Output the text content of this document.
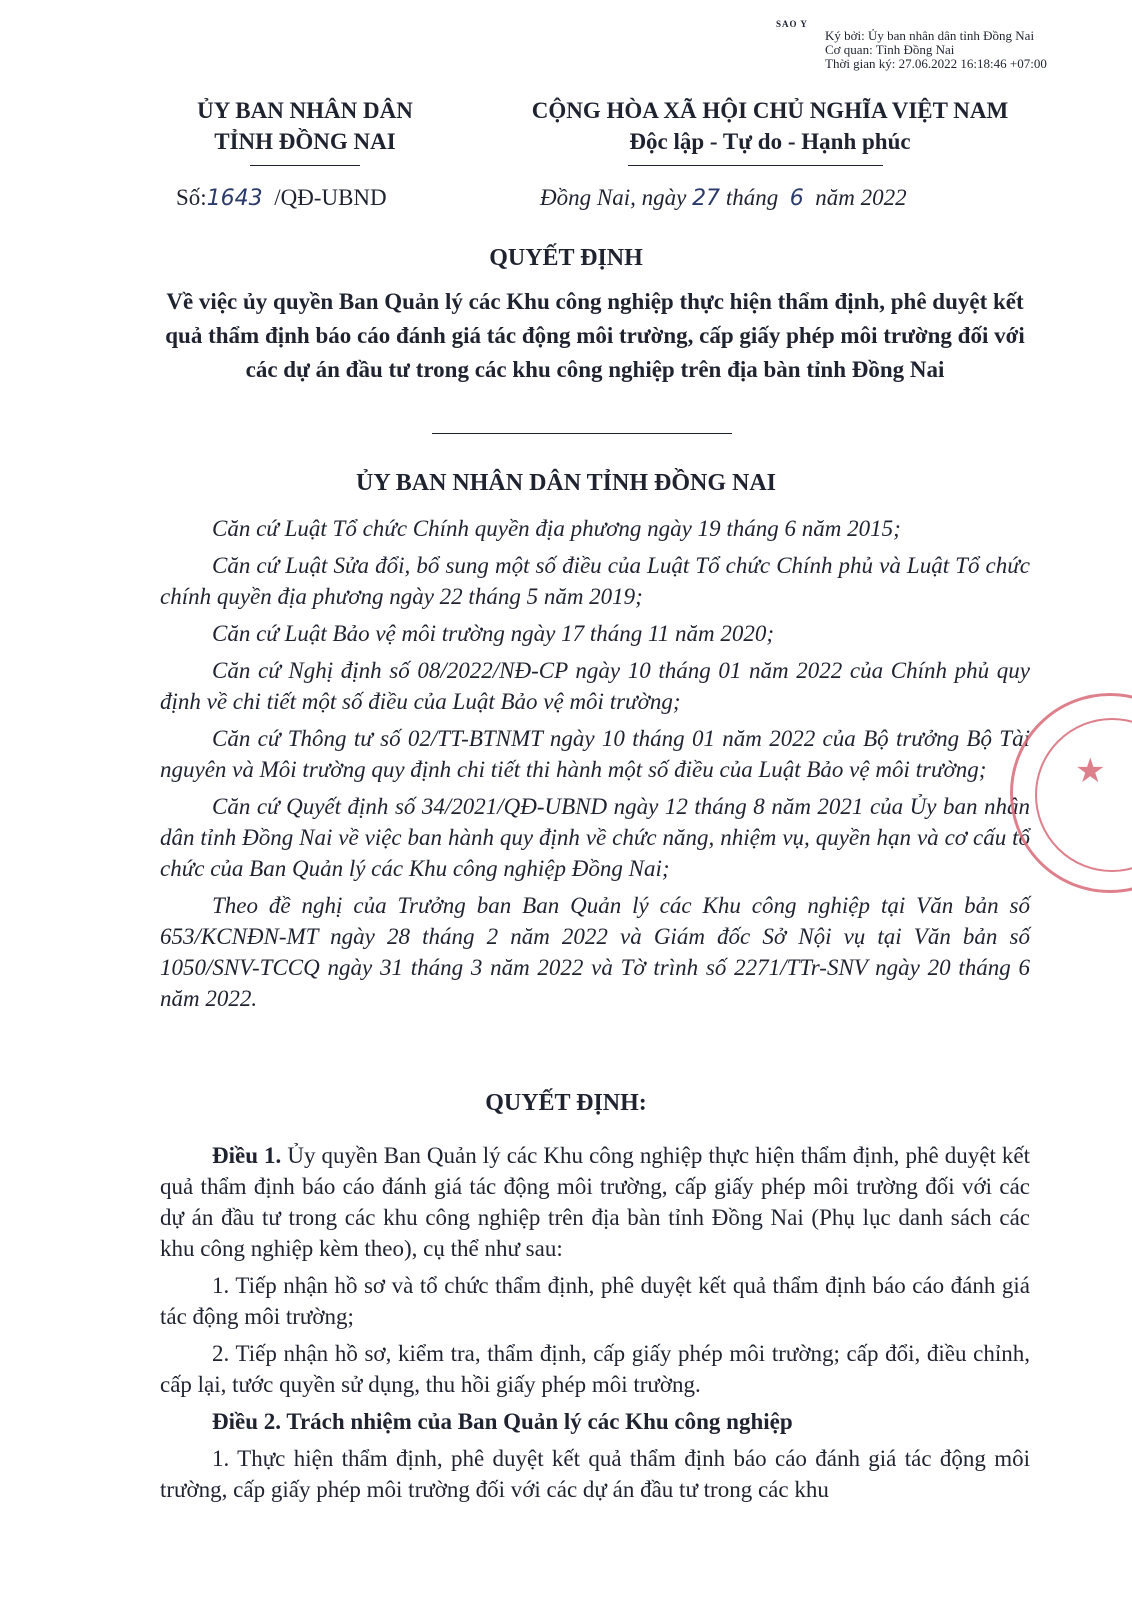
SAO Y
Ký bởi: Ủy ban nhân dân tỉnh Đồng Nai
Cơ quan: Tỉnh Đồng Nai
Thời gian ký: 27.06.2022 16:18:46 +07:00
ỦY BAN NHÂN DÂN
TỈNH ĐỒNG NAI
CỘNG HÒA XÃ HỘI CHỦ NGHĨA VIỆT NAM
Độc lập - Tự do - Hạnh phúc
Số:1643 /QĐ-UBND	Đồng Nai, ngày 27 tháng 6 năm 2022
QUYẾT ĐỊNH
Về việc ủy quyền Ban Quản lý các Khu công nghiệp thực hiện thẩm định, phê duyệt kết quả thẩm định báo cáo đánh giá tác động môi trường, cấp giấy phép môi trường đối với các dự án đầu tư trong các khu công nghiệp trên địa bàn tỉnh Đồng Nai
ỦY BAN NHÂN DÂN TỈNH ĐỒNG NAI

Căn cứ Luật Tổ chức Chính quyền địa phương ngày 19 tháng 6 năm 2015;

Căn cứ Luật Sửa đổi, bổ sung một số điều của Luật Tổ chức Chính phủ và Luật Tổ chức chính quyền địa phương ngày 22 tháng 5 năm 2019;

Căn cứ Luật Bảo vệ môi trường ngày 17 tháng 11 năm 2020;

Căn cứ Nghị định số 08/2022/NĐ-CP ngày 10 tháng 01 năm 2022 của Chính phủ quy định về chi tiết một số điều của Luật Bảo vệ môi trường;

Căn cứ Thông tư số 02/TT-BTNMT ngày 10 tháng 01 năm 2022 của Bộ trưởng Bộ Tài nguyên và Môi trường quy định chi tiết thi hành một số điều của Luật Bảo vệ môi trường;

Căn cứ Quyết định số 34/2021/QĐ-UBND ngày 12 tháng 8 năm 2021 của Ủy ban nhân dân tỉnh Đồng Nai về việc ban hành quy định về chức năng, nhiệm vụ, quyền hạn và cơ cấu tổ chức của Ban Quản lý các Khu công nghiệp Đồng Nai;

Theo đề nghị của Trưởng ban Ban Quản lý các Khu công nghiệp tại Văn bản số 653/KCNĐN-MT ngày 28 tháng 2 năm 2022 và Giám đốc Sở Nội vụ tại Văn bản số 1050/SNV-TCCQ ngày 31 tháng 3 năm 2022 và Tờ trình số 2271/TTr-SNV ngày 20 tháng 6 năm 2022.

QUYẾT ĐỊNH:

Điều 1. Ủy quyền Ban Quản lý các Khu công nghiệp thực hiện thẩm định, phê duyệt kết quả thẩm định báo cáo đánh giá tác động môi trường, cấp giấy phép môi trường đối với các dự án đầu tư trong các khu công nghiệp trên địa bàn tỉnh Đồng Nai (Phụ lục danh sách các khu công nghiệp kèm theo), cụ thể như sau:

1. Tiếp nhận hồ sơ và tổ chức thẩm định, phê duyệt kết quả thẩm định báo cáo đánh giá tác động môi trường;

2. Tiếp nhận hồ sơ, kiểm tra, thẩm định, cấp giấy phép môi trường; cấp đổi, điều chỉnh, cấp lại, tước quyền sử dụng, thu hồi giấy phép môi trường.

Điều 2. Trách nhiệm của Ban Quản lý các Khu công nghiệp

1. Thực hiện thẩm định, phê duyệt kết quả thẩm định báo cáo đánh giá tác động môi trường, cấp giấy phép môi trường đối với các dự án đầu tư trong các khu

★
